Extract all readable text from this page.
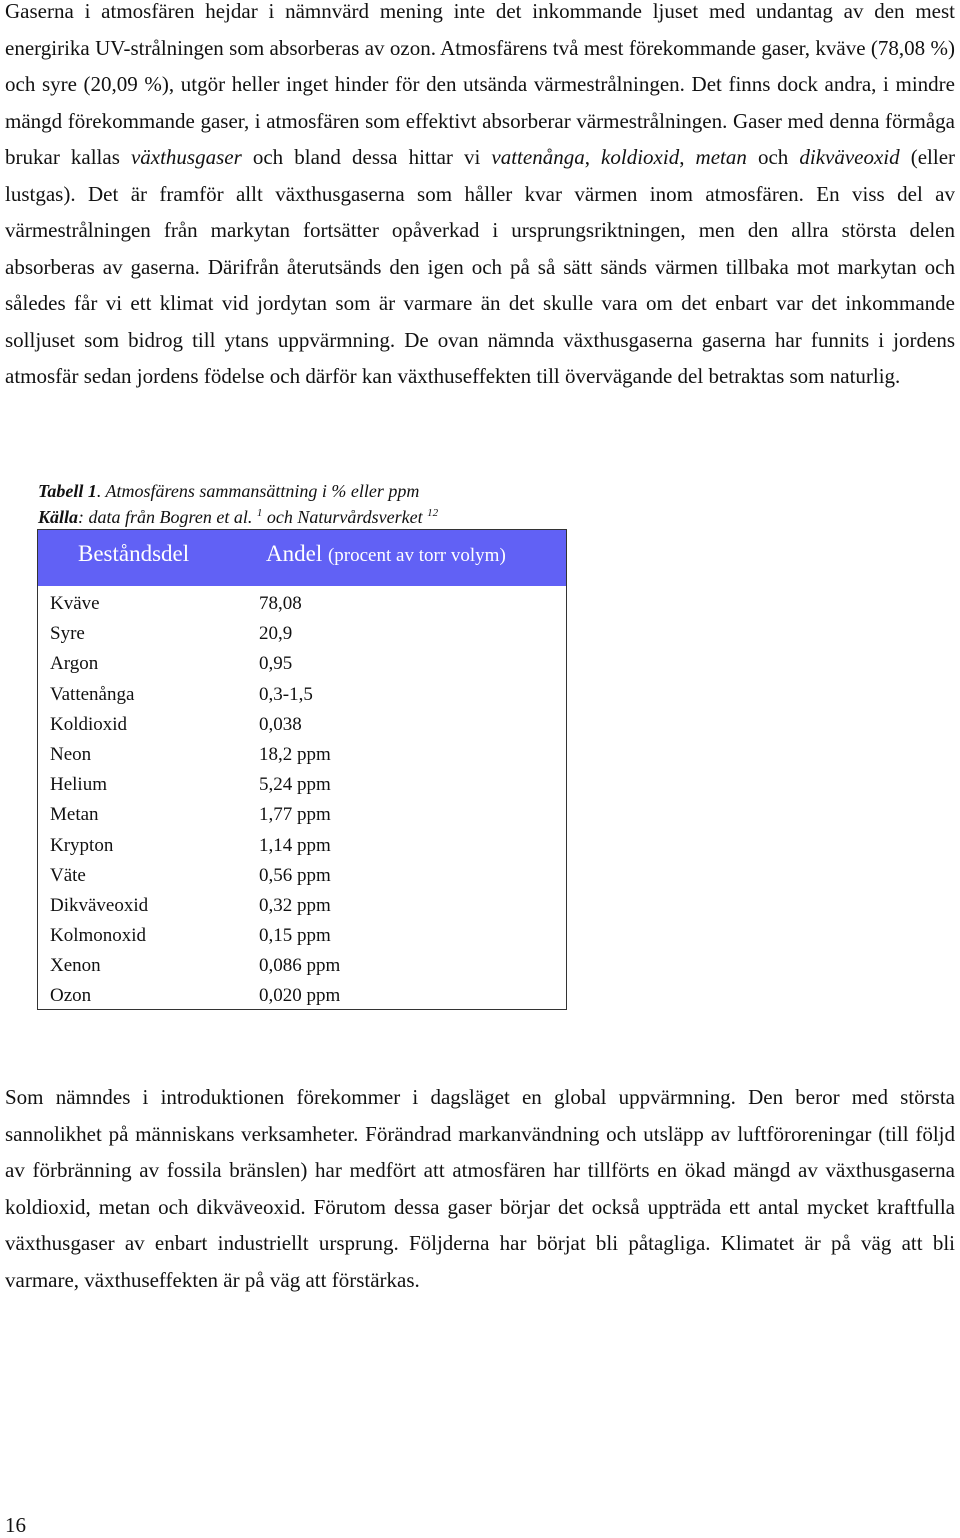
Gaserna i atmosfären hejdar i nämnvärd mening inte det inkommande ljuset med undantag av den mest energirika UV-strålningen som absorberas av ozon. Atmosfärens två mest förekommande gaser, kväve (78,08 %) och syre (20,09 %), utgör heller inget hinder för den utsända värmestrålningen. Det finns dock andra, i mindre mängd förekommande gaser, i atmosfären som effektivt absorberar värmestrålningen. Gaser med denna förmåga brukar kallas växthusgaser och bland dessa hittar vi vattenånga, koldioxid, metan och dikväveoxid (eller lustgas). Det är framför allt växthusgaserna som håller kvar värmen inom atmosfären. En viss del av värmestrålningen från markytan fortsätter opåverkad i ursprungsriktningen, men den allra största delen absorberas av gaserna. Därifrån återutsänds den igen och på så sätt sänds värmen tillbaka mot markytan och således får vi ett klimat vid jordytan som är varmare än det skulle vara om det enbart var det inkommande solljuset som bidrog till ytans uppvärmning. De ovan nämnda växthusgaserna gaserna har funnits i jordens atmosfär sedan jordens födelse och därför kan växthuseffekten till övervägande del betraktas som naturlig.

Tabell 1. Atmosfärens sammansättning i % eller ppm
Källa: data från Bogren et al. $^1$ och Naturvårdsverket $^{12}$
Beståndsdel	Andel (procent av torr volym)
Kväve	78,08
Syre	20,9
Argon	0,95
Vattenånga	0,3-1,5
Koldioxid	0,038
Neon	18,2 ppm
Helium	5,24 ppm
Metan	1,77 ppm
Krypton	1,14 ppm
Väte	0,56 ppm
Dikväveoxid	0,32 ppm
Kolmonoxid	0,15 ppm
Xenon	0,086 ppm
Ozon	0,020 ppm

Som nämndes i introduktionen förekommer i dagsläget en global uppvärmning. Den beror med största sannolikhet på människans verksamheter. Förändrad markanvändning och utsläpp av luftföroreningar (till följd av förbränning av fossila bränslen) har medfört att atmosfären har tillförts en ökad mängd av växthusgaserna koldioxid, metan och dikväveoxid. Förutom dessa gaser börjar det också uppträda ett antal mycket kraftfulla växthusgaser av enbart industriellt ursprung. Följderna har börjat bli påtagliga. Klimatet är på väg att bli varmare, växthuseffekten är på väg att förstärkas.

16
